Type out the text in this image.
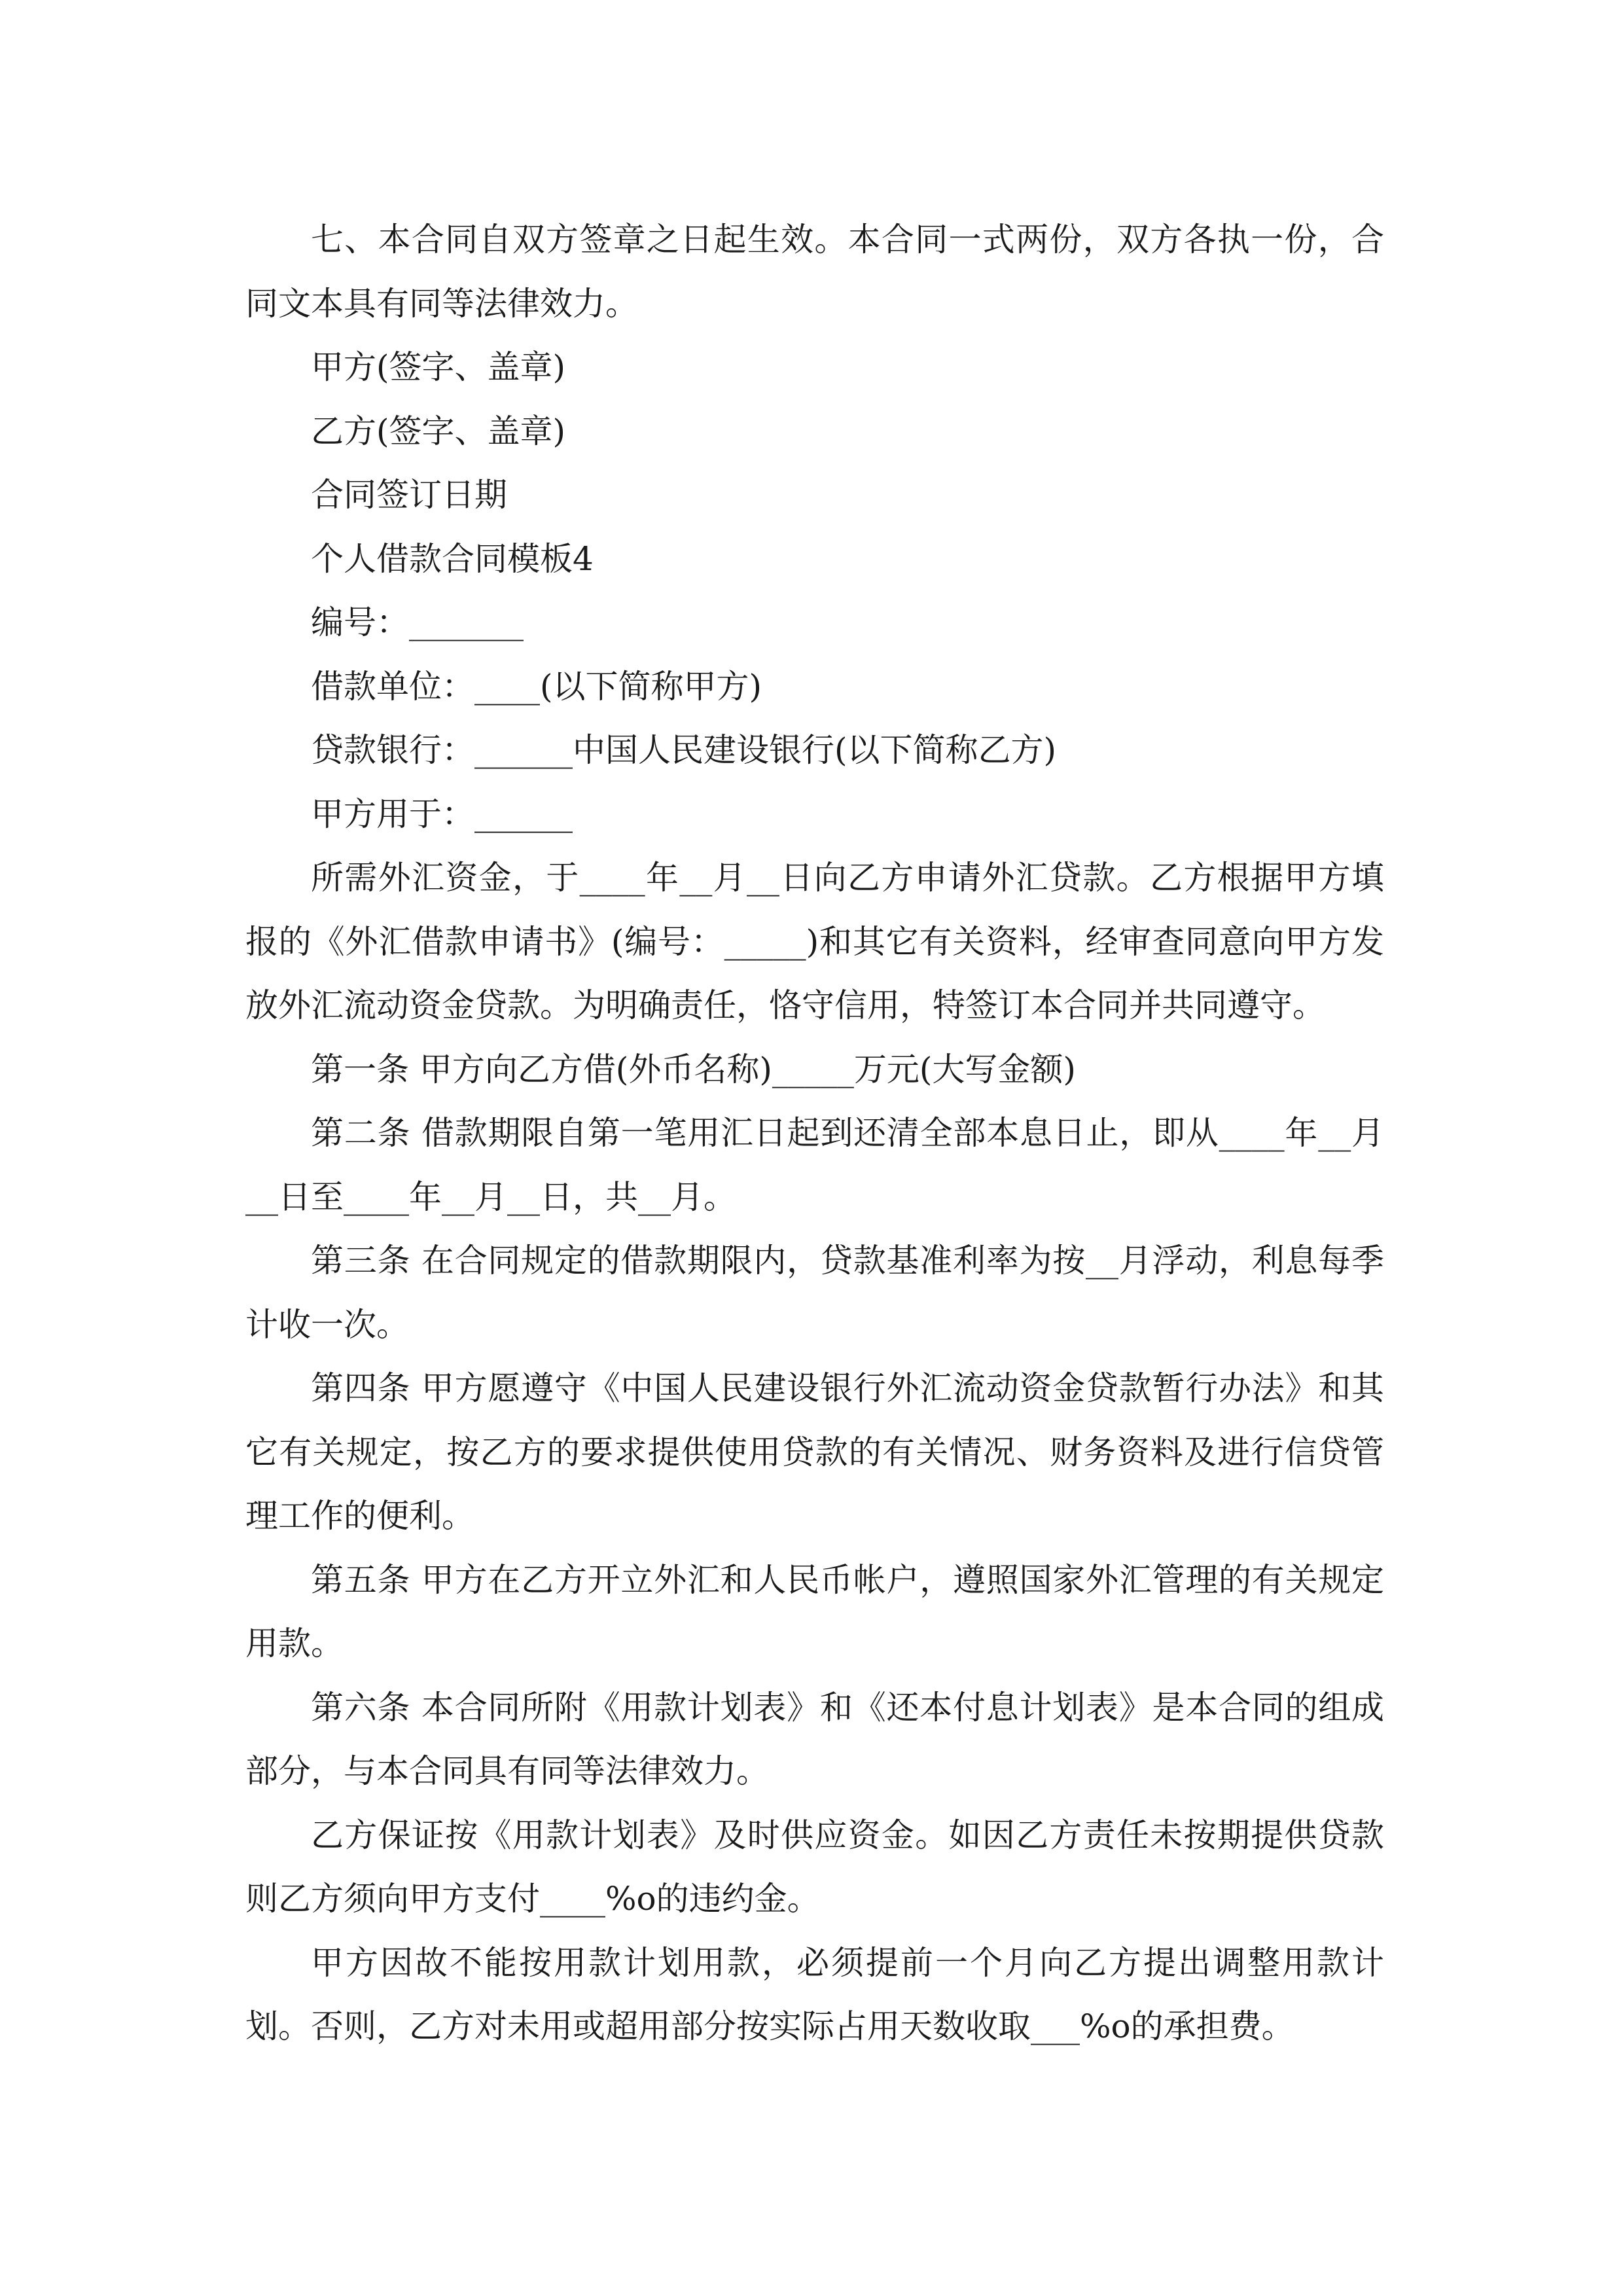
七、本合同自双方签章之日起生效。本合同一式两份，双方各执一份，合同文本具有同等法律效力。

甲方(签字、盖章)

乙方(签字、盖章)

合同签订日期

个人借款合同模板4

编号：_______

借款单位：____(以下简称甲方)

贷款银行：______中国人民建设银行(以下简称乙方)

甲方用于：______

所需外汇资金，于____年__月__日向乙方申请外汇贷款。乙方根据甲方填报的《外汇借款申请书》(编号：_____)和其它有关资料，经审查同意向甲方发放外汇流动资金贷款。为明确责任，恪守信用，特签订本合同并共同遵守。

第一条 甲方向乙方借(外币名称)_____万元(大写金额)

第二条 借款期限自第一笔用汇日起到还清全部本息日止，即从____年__月__日至____年__月__日，共__月。

第三条 在合同规定的借款期限内，贷款基准利率为按__月浮动，利息每季计收一次。

第四条 甲方愿遵守《中国人民建设银行外汇流动资金贷款暂行办法》和其它有关规定，按乙方的要求提供使用贷款的有关情况、财务资料及进行信贷管理工作的便利。

第五条 甲方在乙方开立外汇和人民币帐户，遵照国家外汇管理的有关规定用款。

第六条 本合同所附《用款计划表》和《还本付息计划表》是本合同的组成部分，与本合同具有同等法律效力。

乙方保证按《用款计划表》及时供应资金。如因乙方责任未按期提供贷款则乙方须向甲方支付____%o的违约金。

甲方因故不能按用款计划用款，必须提前一个月向乙方提出调整用款计划。否则，乙方对未用或超用部分按实际占用天数收取___%o的承担费。
